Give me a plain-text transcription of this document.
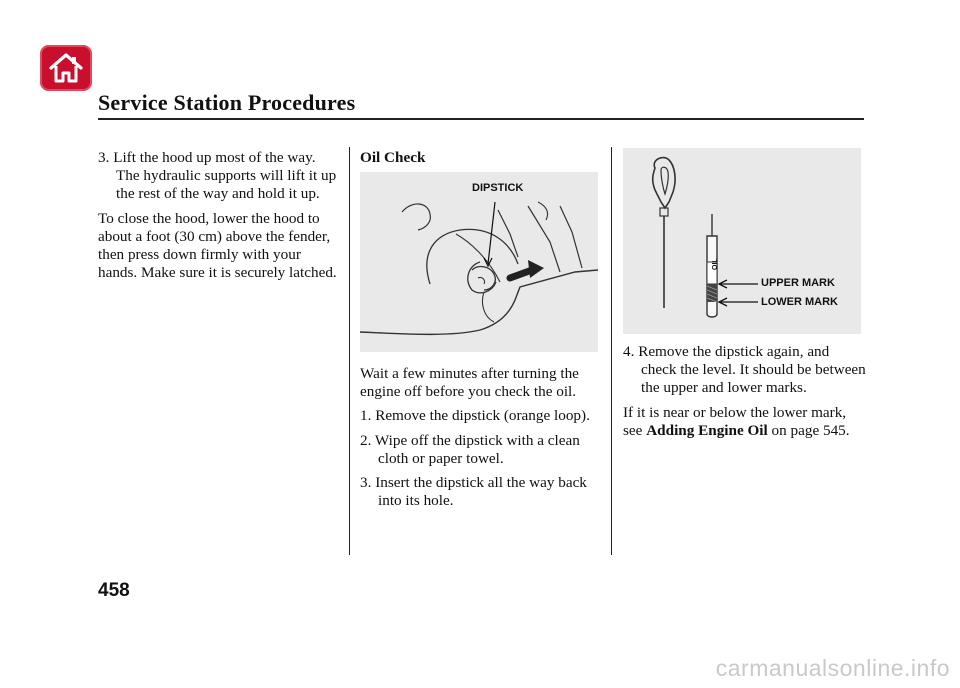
Service Station Procedures
3. Lift the hood up most of the way. The hydraulic supports will lift it up the rest of the way and hold it up.
To close the hood, lower the hood to about a foot (30 cm) above the fender, then press down firmly with your hands. Make sure it is securely latched.
Oil Check
DIPSTICK
Wait a few minutes after turning the engine off before you check the oil.
1. Remove the dipstick (orange loop).
2. Wipe off the dipstick with a clean cloth or paper towel.
3. Insert the dipstick all the way back into its hole.
OIL
UPPER MARK
LOWER MARK
4. Remove the dipstick again, and check the level. It should be between the upper and lower marks.
If it is near or below the lower mark, see Adding Engine Oil on page 545.
458
carmanualsonline.info
